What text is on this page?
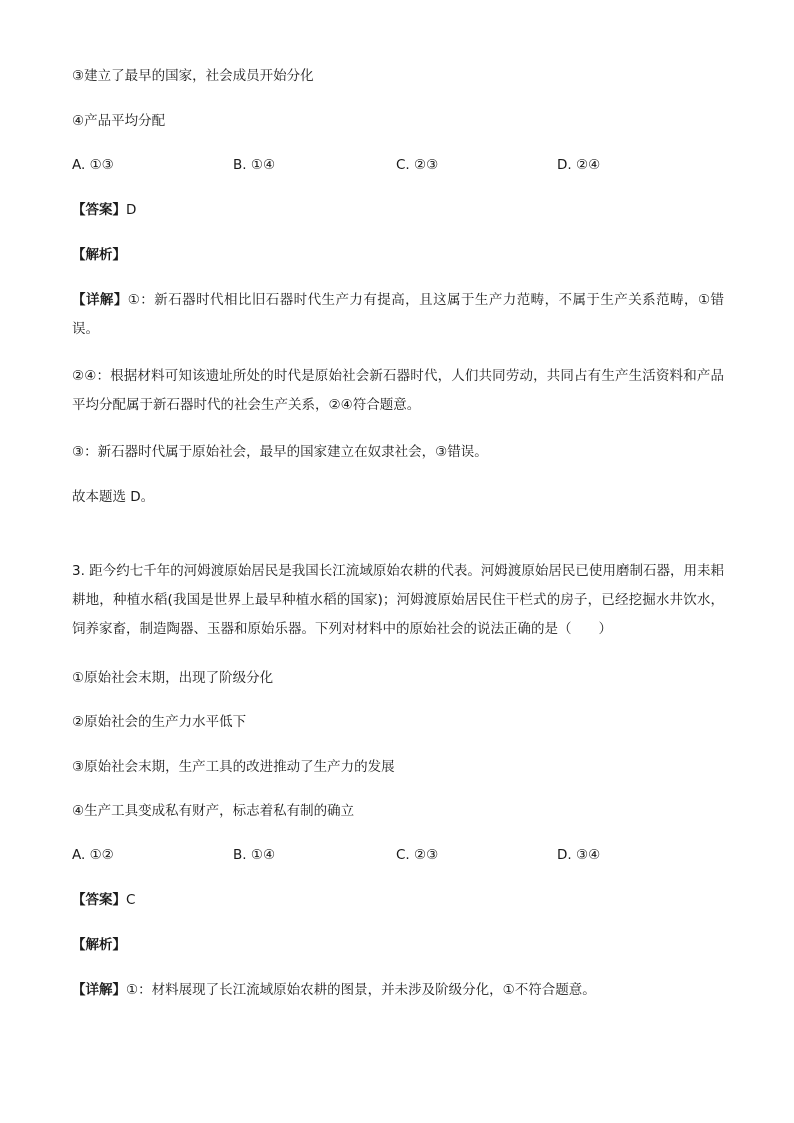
③建立了最早的国家，社会成员开始分化
④产品平均分配
A. ①③	B. ①④	C. ②③	D. ②④
【答案】D
【解析】
【详解】①：新石器时代相比旧石器时代生产力有提高，且这属于生产力范畴，不属于生产关系范畴，①错误。
②④：根据材料可知该遗址所处的时代是原始社会新石器时代，人们共同劳动，共同占有生产生活资料和产品平均分配属于新石器时代的社会生产关系，②④符合题意。
③：新石器时代属于原始社会，最早的国家建立在奴隶社会，③错误。
故本题选 D。
3. 距今约七千年的河姆渡原始居民是我国长江流域原始农耕的代表。河姆渡原始居民已使用磨制石器，用耒耜耕地，种植水稻(我国是世界上最早种植水稻的国家)；河姆渡原始居民住干栏式的房子，已经挖掘水井饮水，饲养家畜，制造陶器、玉器和原始乐器。下列对材料中的原始社会的说法正确的是（　　）
①原始社会末期，出现了阶级分化
②原始社会的生产力水平低下
③原始社会末期，生产工具的改进推动了生产力的发展
④生产工具变成私有财产，标志着私有制的确立
A. ①②	B. ①④	C. ②③	D. ③④
【答案】C
【解析】
【详解】①：材料展现了长江流域原始农耕的图景，并未涉及阶级分化，①不符合题意。
